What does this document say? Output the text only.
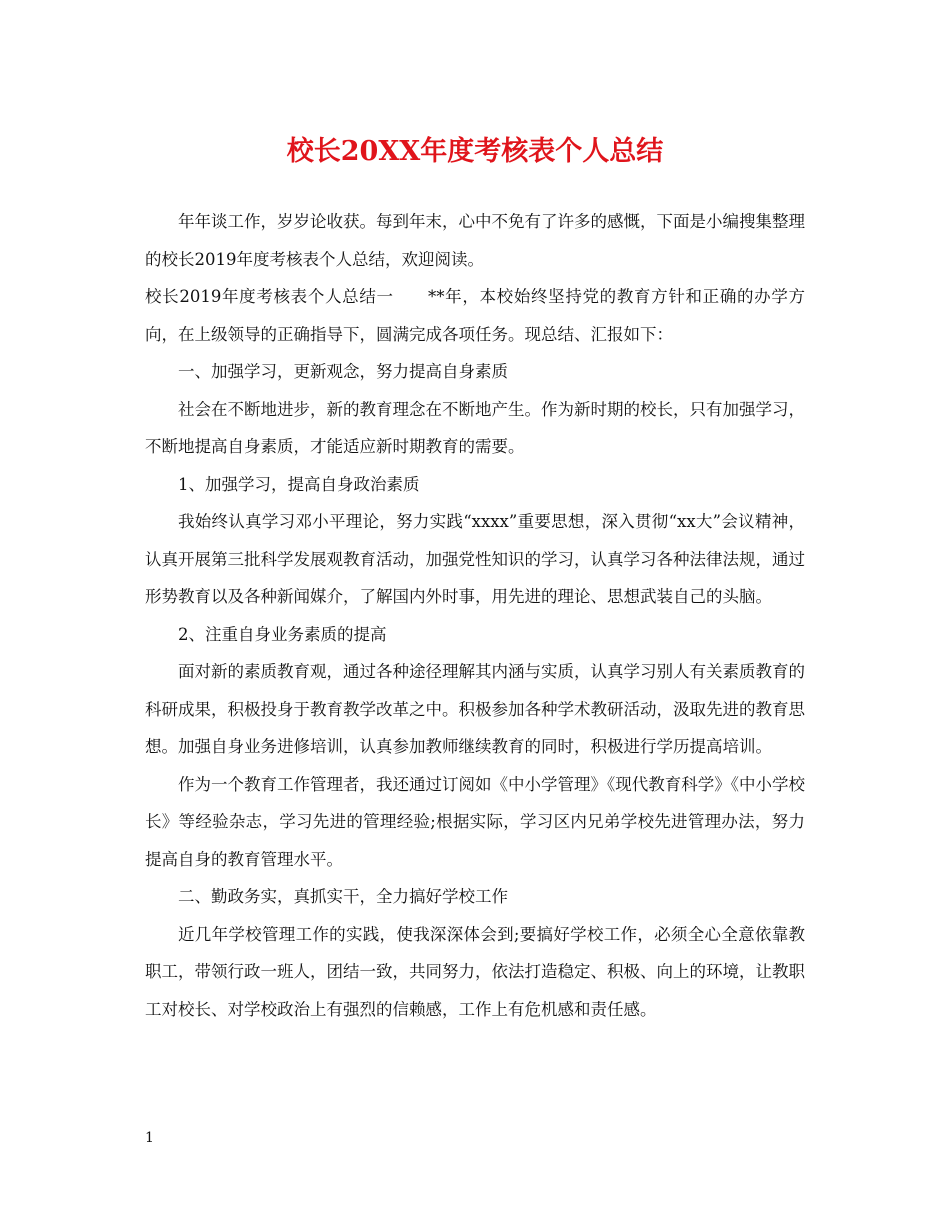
校长20XX年度考核表个人总结

年年谈工作，岁岁论收获。每到年末，心中不免有了许多的感慨，下面是小编搜集整理的校长2019年度考核表个人总结，欢迎阅读。

校长2019年度考核表个人总结一　　**年，本校始终坚持党的教育方针和正确的办学方向，在上级领导的正确指导下，圆满完成各项任务。现总结、汇报如下：

一、加强学习，更新观念，努力提高自身素质

社会在不断地进步，新的教育理念在不断地产生。作为新时期的校长，只有加强学习，不断地提高自身素质，才能适应新时期教育的需要。

1、加强学习，提高自身政治素质

我始终认真学习邓小平理论，努力实践“xxxx”重要思想，深入贯彻“xx大”会议精神，认真开展第三批科学发展观教育活动，加强党性知识的学习，认真学习各种法律法规，通过形势教育以及各种新闻媒介，了解国内外时事，用先进的理论、思想武装自己的头脑。

2、注重自身业务素质的提高

面对新的素质教育观，通过各种途径理解其内涵与实质，认真学习别人有关素质教育的科研成果，积极投身于教育教学改革之中。积极参加各种学术教研活动，汲取先进的教育思想。加强自身业务进修培训，认真参加教师继续教育的同时，积极进行学历提高培训。

作为一个教育工作管理者，我还通过订阅如《中小学管理》《现代教育科学》《中小学校长》等经验杂志，学习先进的管理经验;根据实际，学习区内兄弟学校先进管理办法，努力提高自身的教育管理水平。

二、勤政务实，真抓实干，全力搞好学校工作

近几年学校管理工作的实践，使我深深体会到;要搞好学校工作，必须全心全意依靠教职工，带领行政一班人，团结一致，共同努力，依法打造稳定、积极、向上的环境，让教职工对校长、对学校政治上有强烈的信赖感，工作上有危机感和责任感。

1
